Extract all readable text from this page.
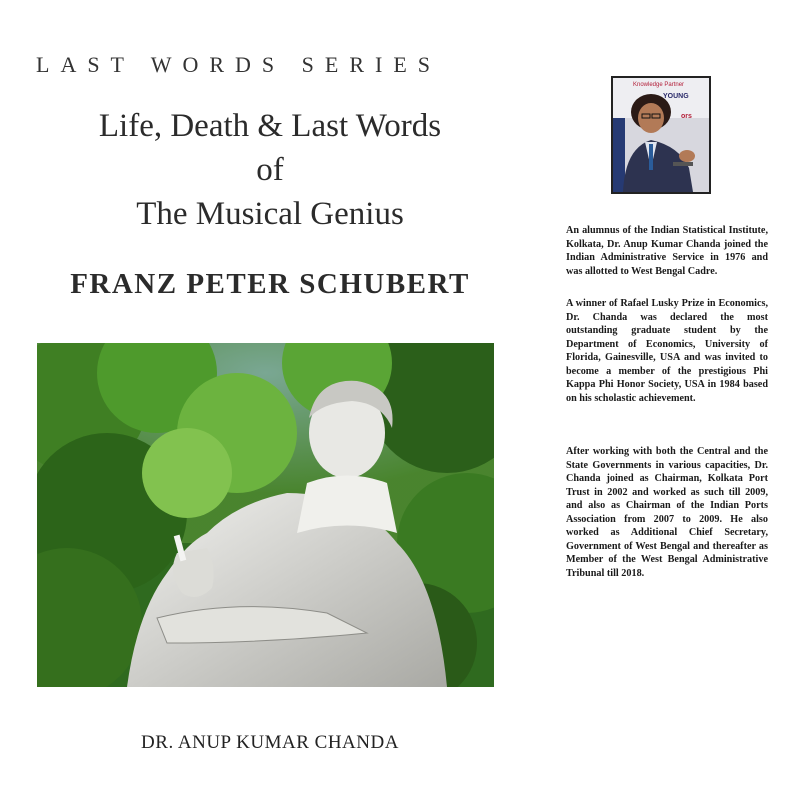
LAST WORDS SERIES
Life, Death & Last Words
of
The Musical Genius
FRANZ PETER SCHUBERT
DR. ANUP KUMAR CHANDA
Knowledge Partner
YOUNG
ors

An alumnus of the Indian Statistical Institute, Kolkata, Dr. Anup Kumar Chanda joined the Indian Administrative Service in 1976 and was allotted to West Bengal Cadre.

A winner of Rafael Lusky Prize in Economics, Dr. Chanda was declared the most outstanding graduate student by the Department of Economics, University of Florida, Gainesville, USA and was invited to become a member of the prestigious Phi Kappa Phi Honor Society, USA in 1984 based on his scholastic achievement.

After working with both the Central and the State Governments in various capacities, Dr. Chanda joined as Chairman, Kolkata Port Trust in 2002 and worked as such till 2009, and also as Chairman of the Indian Ports Association from 2007 to 2009. He also worked as Additional Chief Secretary, Government of West Bengal and thereafter as Member of the West Bengal Administrative Tribunal till 2018.
